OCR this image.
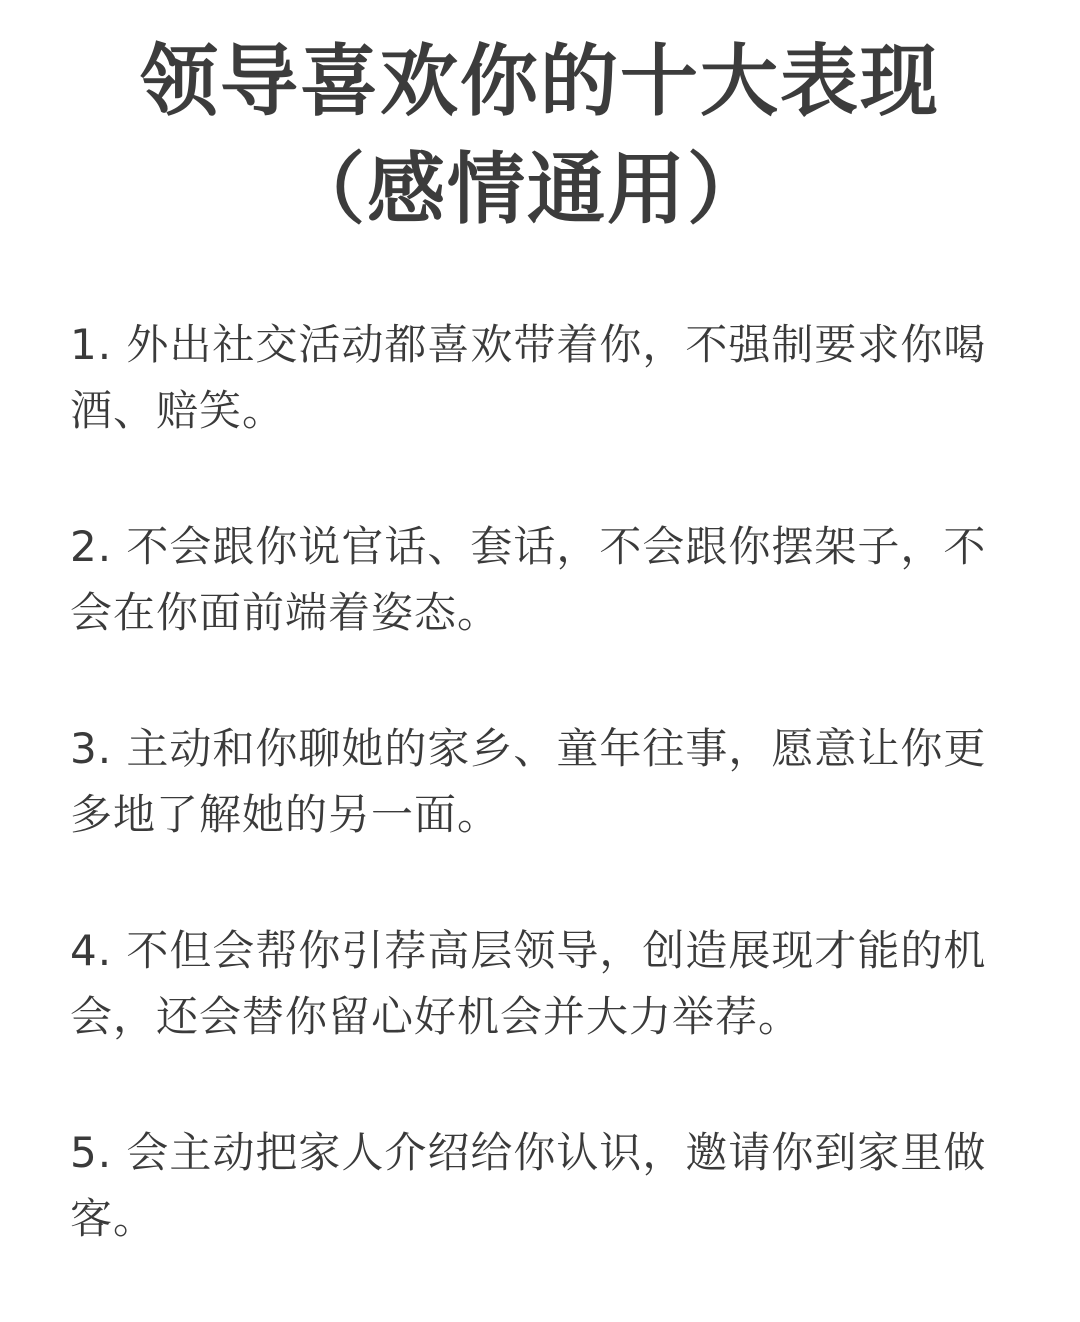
领导喜欢你的十大表现
（感情通用）

1. 外出社交活动都喜欢带着你，不强制要求你喝酒、赔笑。

2. 不会跟你说官话、套话，不会跟你摆架子，不会在你面前端着姿态。

3. 主动和你聊她的家乡、童年往事，愿意让你更多地了解她的另一面。

4. 不但会帮你引荐高层领导，创造展现才能的机会，还会替你留心好机会并大力举荐。

5. 会主动把家人介绍给你认识，邀请你到家里做客。
